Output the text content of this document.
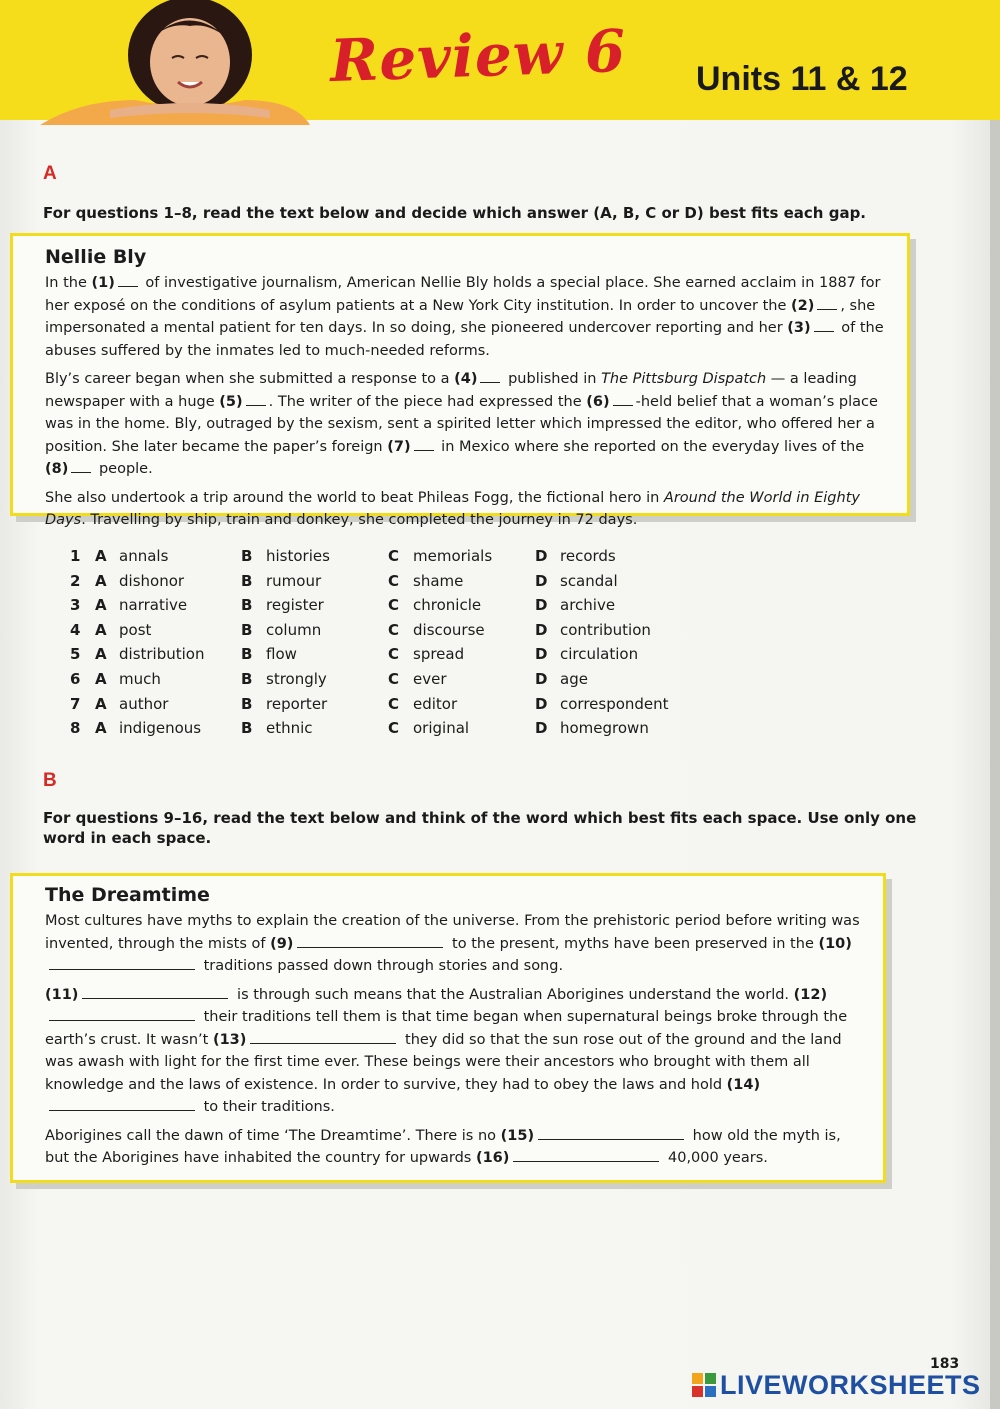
Review 6 Units 11 & 12
A
For questions 1–8, read the text below and decide which answer (A, B, C or D) best fits each gap.
Nellie Bly

In the (1) of investigative journalism, American Nellie Bly holds a special place. She earned acclaim in 1887 for her exposé on the conditions of asylum patients at a New York City institution. In order to uncover the (2) , she impersonated a mental patient for ten days. In so doing, she pioneered undercover reporting and her (3) of the abuses suffered by the inmates led to much-needed reforms.

Bly’s career began when she submitted a response to a (4) published in The Pittsburg Dispatch — a leading newspaper with a huge (5) . The writer of the piece had expressed the (6) -held belief that a woman’s place was in the home. Bly, outraged by the sexism, sent a spirited letter which impressed the editor, who offered her a position. She later became the paper’s foreign (7) in Mexico where she reported on the everyday lives of the (8) people.

She also undertook a trip around the world to beat Phileas Fogg, the fictional hero in Around the World in Eighty Days. Travelling by ship, train and donkey, she completed the journey in 72 days.

1 A annals	B histories	C memorials	D records
2 A dishonor	B rumour	C shame	D scandal
3 A narrative	B register	C chronicle	D archive
4 A post	B column	C discourse	D contribution
5 A distribution B flow	C spread	D circulation
6 A much	B strongly	C ever	D age
7 A author	B reporter	C editor	D correspondent
8 A indigenous	B ethnic	C original	D homegrown
B
For questions 9–16, read the text below and think of the word which best fits each space. Use only one word in each space.
The Dreamtime

Most cultures have myths to explain the creation of the universe. From the prehistoric period before writing was invented, through the mists of (9)	to the present, myths have been preserved in the (10) traditions passed down through stories and song.

(11)	is through such means that the Australian Aborigines understand the world. (12) their traditions tell them is that time began when supernatural beings broke through the earth’s crust. It wasn’t (13)	they did so that the sun rose out of the ground and the land was awash with light for the first time ever. These beings were their ancestors who brought with them all knowledge and the laws of existence. In order to survive, they had to obey the laws and hold (14) to their traditions.

Aborigines call the dawn of time ‘The Dreamtime’. There is no (15)	how old the myth is, but the Aborigines have inhabited the country for upwards (16)	40,000 years.

183
LIVEWORKSHEETS
